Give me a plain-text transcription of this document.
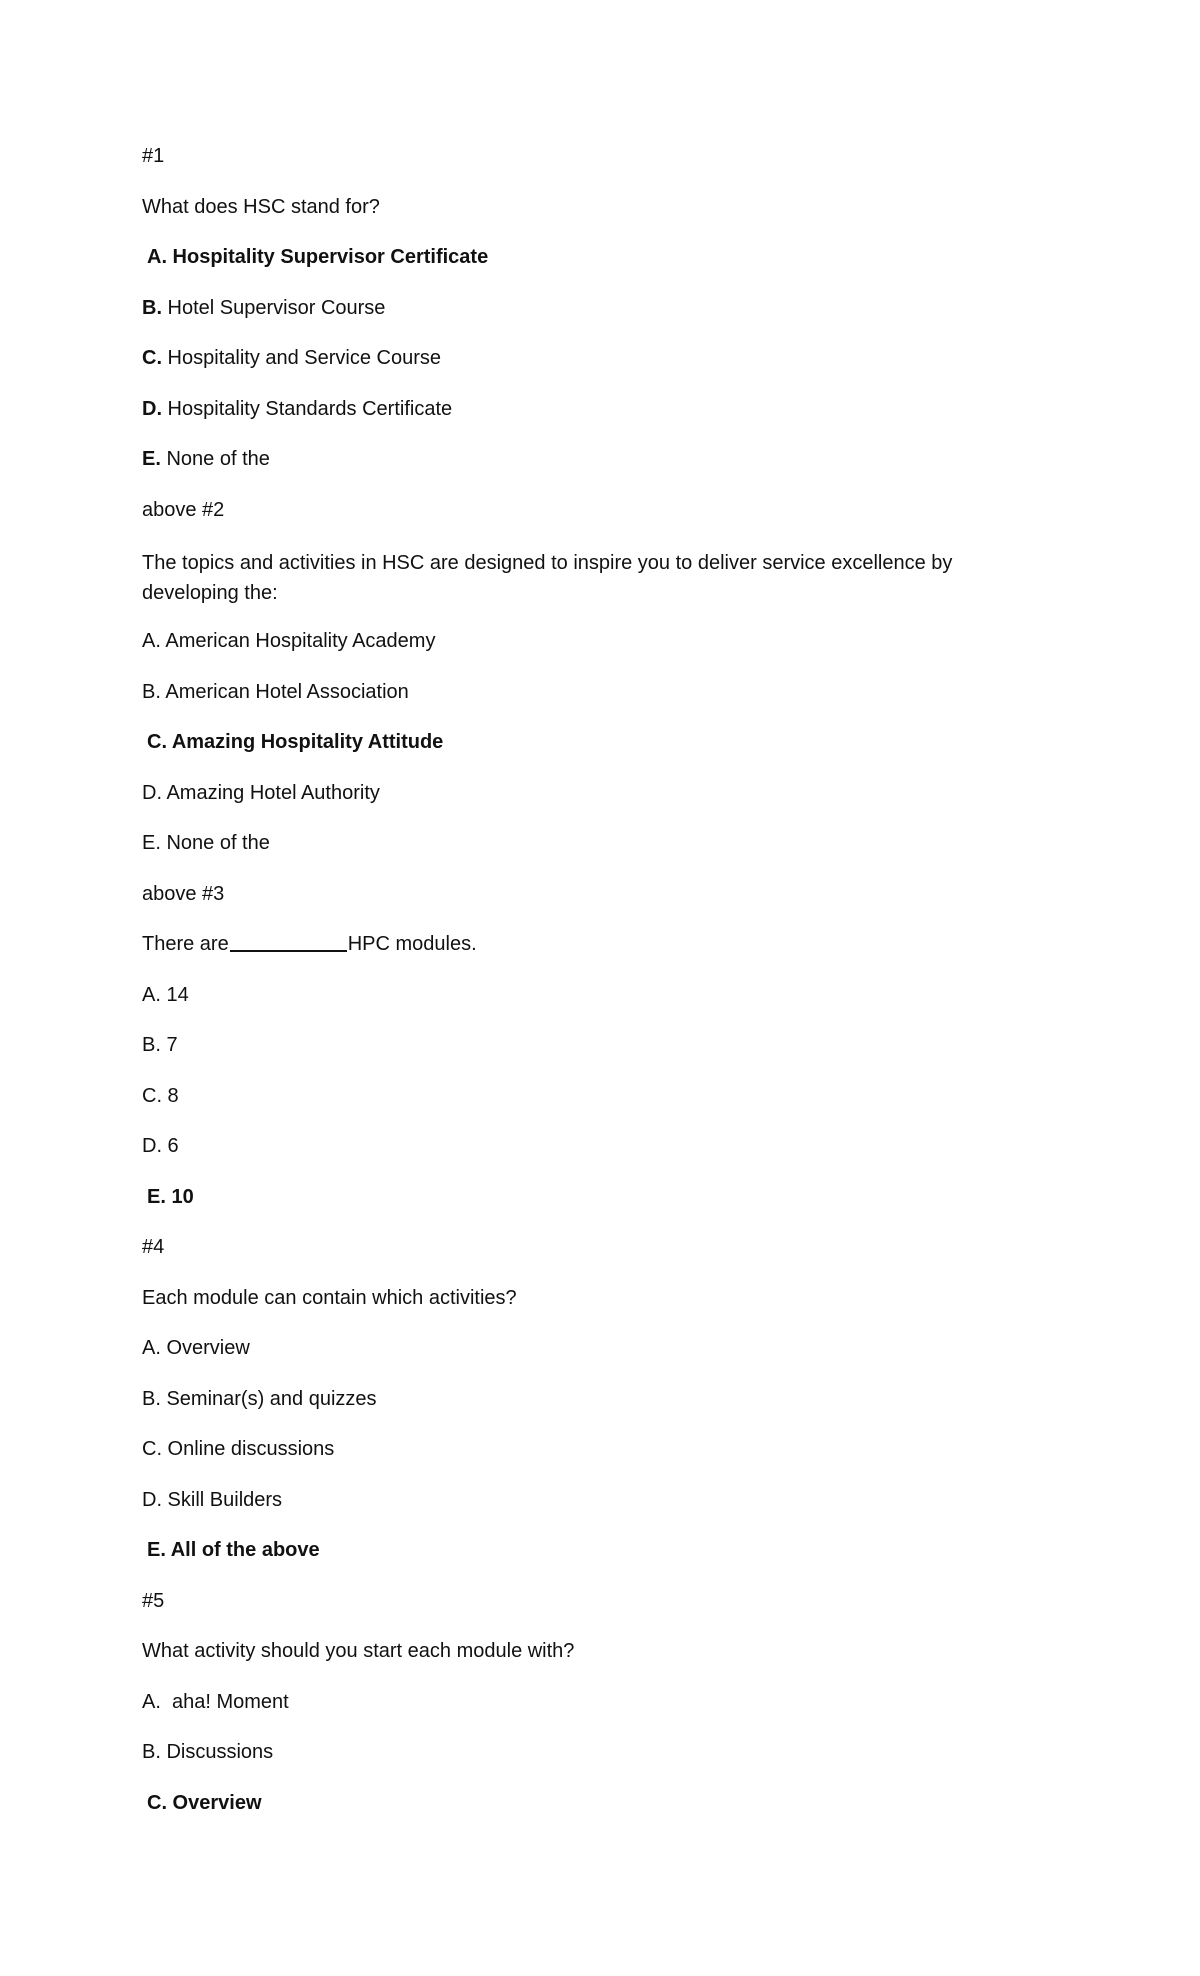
#1
What does HSC stand for?
A. Hospitality Supervisor Certificate
B. Hotel Supervisor Course
C. Hospitality and Service Course
D. Hospitality Standards Certificate
E. None of the
above #2
The topics and activities in HSC are designed to inspire you to deliver service excellence by developing the:
A. American Hospitality Academy
B. American Hotel Association
C. Amazing Hospitality Attitude
D. Amazing Hotel Authority
E. None of the
above #3
There are	HPC modules.
A. 14
B. 7
C. 8
D. 6
E. 10
#4
Each module can contain which activities?
A. Overview
B. Seminar(s) and quizzes
C. Online discussions
D. Skill Builders
E. All of the above
#5
What activity should you start each module with?
A.  aha! Moment
B. Discussions
C. Overview
